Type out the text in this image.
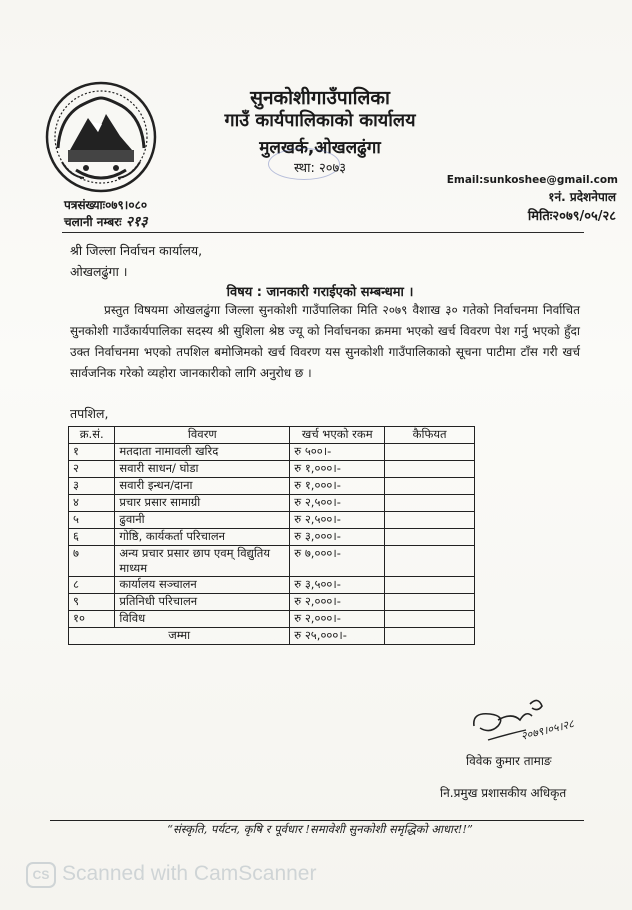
सुनकोशीगाउँपालिका
गाउँ कार्यपालिकाको कार्यालय
मुलखर्क,ओखलढुंगा
स्था: २०७३
Email:sunkoshee@gmail.com
१नं. प्रदेशनेपाल
मितिः२०७९/०५/२८
पत्रसंख्याः०७९।०८०
चलानी नम्बरः २१३
श्री जिल्ला निर्वाचन कार्यालय,
ओखलढुंगा ।
विषय : जानकारी गराईएको सम्बन्धमा ।

प्रस्तुत विषयमा ओखलढुंगा जिल्ला सुनकोशी गाउँपालिका मिति २०७९ वैशाख ३० गतेको निर्वाचनमा निर्वाचित सुनकोशी गाउँकार्यपालिका सदस्य श्री सुशिला श्रेष्ठ ज्यू को निर्वाचनका क्रममा भएको खर्च विवरण पेश गर्नु भएको हुँदा उक्त निर्वाचनमा भएको तपशिल बमोजिमको खर्च विवरण यस सुनकोशी गाउँपालिकाको सूचना पाटीमा टाँस गरी खर्च सार्वजनिक गरेको व्यहोरा जानकारीको लागि अनुरोध छ ।

तपशिल,
क्र.सं.	विवरण	खर्च भएको रकम	कैफियत
१	मतदाता नामावली खरिद	रु ५००।-	
२	सवारी साधन/ घोडा	रु १,०००।-	
३	सवारी इन्धन/दाना	रु १,०००।-	
४	प्रचार प्रसार सामाग्री	रु २,५००।-	
५	ढुवानी	रु २,५००।-	
६	गोष्ठि, कार्यकर्ता परिचालन	रु ३,०००।-	
७	अन्य प्रचार प्रसार छाप एवम् विद्युतिय माध्यम	रु ७,०००।-	
८	कार्यालय सञ्चालन	रु ३,५००।-	
९	प्रतिनिधी परिचालन	रु २,०००।-	
१०	विविध	रु २,०००।-	
जम्मा		रु २५,०००।-	
२०७९।०५।२८
विवेक कुमार तामाङ
नि.प्रमुख प्रशासकीय अधिकृत
“संस्कृति, पर्यटन, कृषि र पूर्वधार !समावेशी सुनकोशी समृद्धिको आधार!!”
CS Scanned with CamScanner
